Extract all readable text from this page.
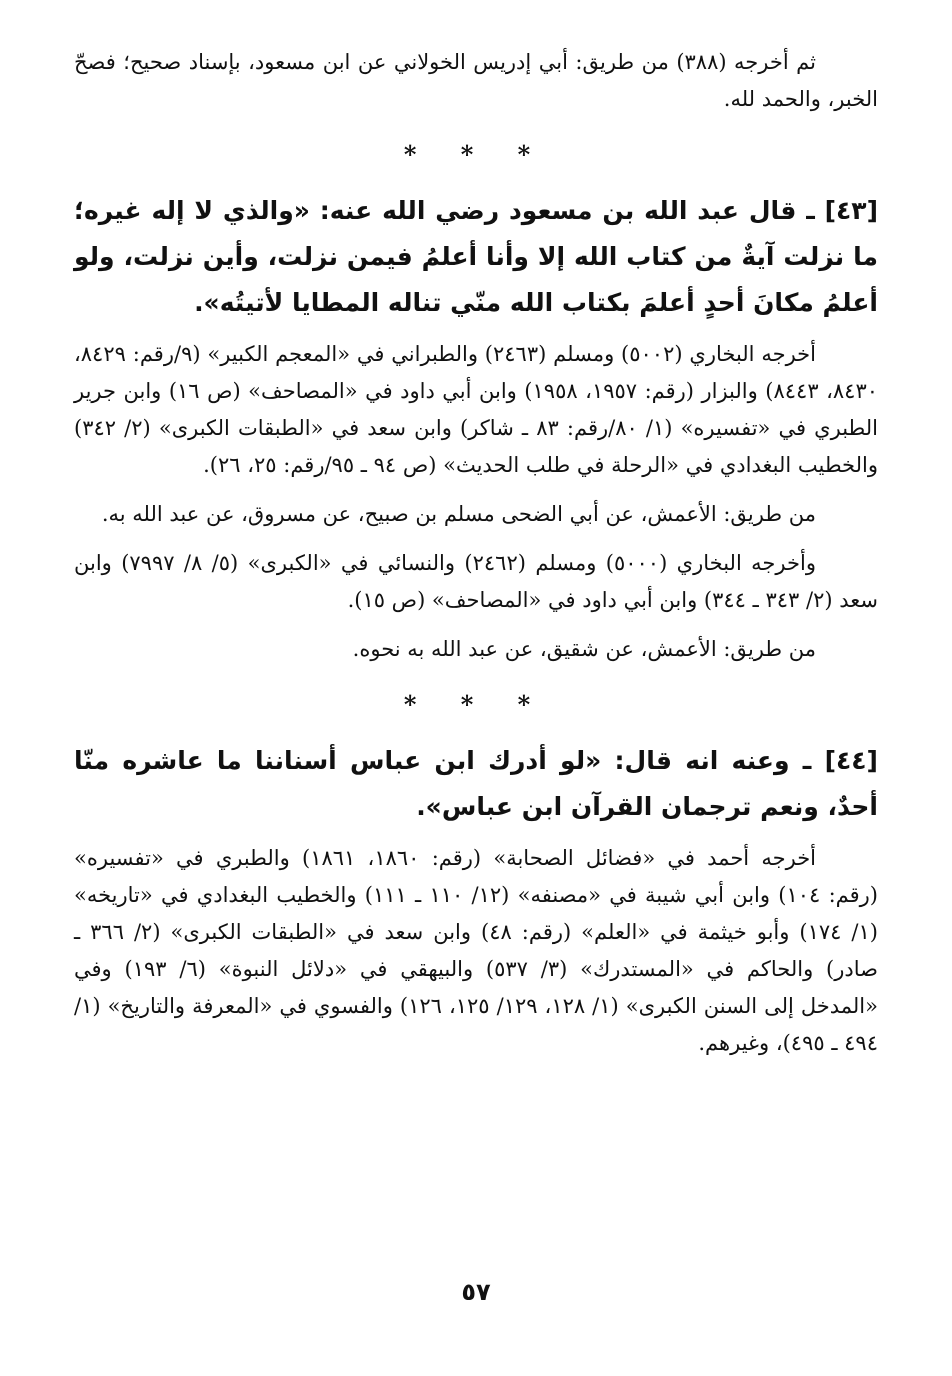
ثم أخرجه (٣٨٨) من طريق: أبي إدريس الخولاني عن ابن مسعود، بإسناد صحيح؛ فصحّ الخبر، والحمد لله.

* * *
[٤٣] ـ قال عبد الله بن مسعود رضي الله عنه: «والذي لا إله غيره؛ ما نزلت آيةٌ من كتاب الله إلا وأنا أعلمُ فيمن نزلت، وأين نزلت، ولو أعلمُ مكانَ أحدٍ أعلمَ بكتاب الله منّي تناله المطايا لأتيتُه».

أخرجه البخاري (٥٠٠٢) ومسلم (٢٤٦٣) والطبراني في «المعجم الكبير» (٩/رقم: ٨٤٢٩، ٨٤٣٠، ٨٤٤٣) والبزار (رقم: ١٩٥٧، ١٩٥٨) وابن أبي داود في «المصاحف» (ص ١٦) وابن جرير الطبري في «تفسيره» (١/ ٨٠/رقم: ٨٣ ـ شاكر) وابن سعد في «الطبقات الكبرى» (٢/ ٣٤٢) والخطيب البغدادي في «الرحلة في طلب الحديث» (ص ٩٤ ـ ٩٥/رقم: ٢٥، ٢٦).

من طريق: الأعمش، عن أبي الضحى مسلم بن صبيح، عن مسروق، عن عبد الله به.

وأخرجه البخاري (٥٠٠٠) ومسلم (٢٤٦٢) والنسائي في «الكبرى» (٥/ ٨/ ٧٩٩٧) وابن سعد (٢/ ٣٤٣ ـ ٣٤٤) وابن أبي داود في «المصاحف» (ص ١٥).

من طريق: الأعمش، عن شقيق، عن عبد الله به نحوه.

* * *
[٤٤] ـ وعنه انه قال: «لو أدرك ابن عباس أسناننا ما عاشره منّا أحدٌ، ونعم ترجمان القرآن ابن عباس».

أخرجه أحمد في «فضائل الصحابة» (رقم: ١٨٦٠، ١٨٦١) والطبري في «تفسيره» (رقم: ١٠٤) وابن أبي شيبة في «مصنفه» (١٢/ ١١٠ ـ ١١١) والخطيب البغدادي في «تاريخه» (١/ ١٧٤) وأبو خيثمة في «العلم» (رقم: ٤٨) وابن سعد في «الطبقات الكبرى» (٢/ ٣٦٦ ـ صادر) والحاكم في «المستدرك» (٣/ ٥٣٧) والبيهقي في «دلائل النبوة» (٦/ ١٩٣) وفي «المدخل إلى السنن الكبرى» (١/ ١٢٨، ١٢٩/ ١٢٥، ١٢٦) والفسوي في «المعرفة والتاريخ» (١/ ٤٩٤ ـ ٤٩٥)، وغيرهم.

٥٧
